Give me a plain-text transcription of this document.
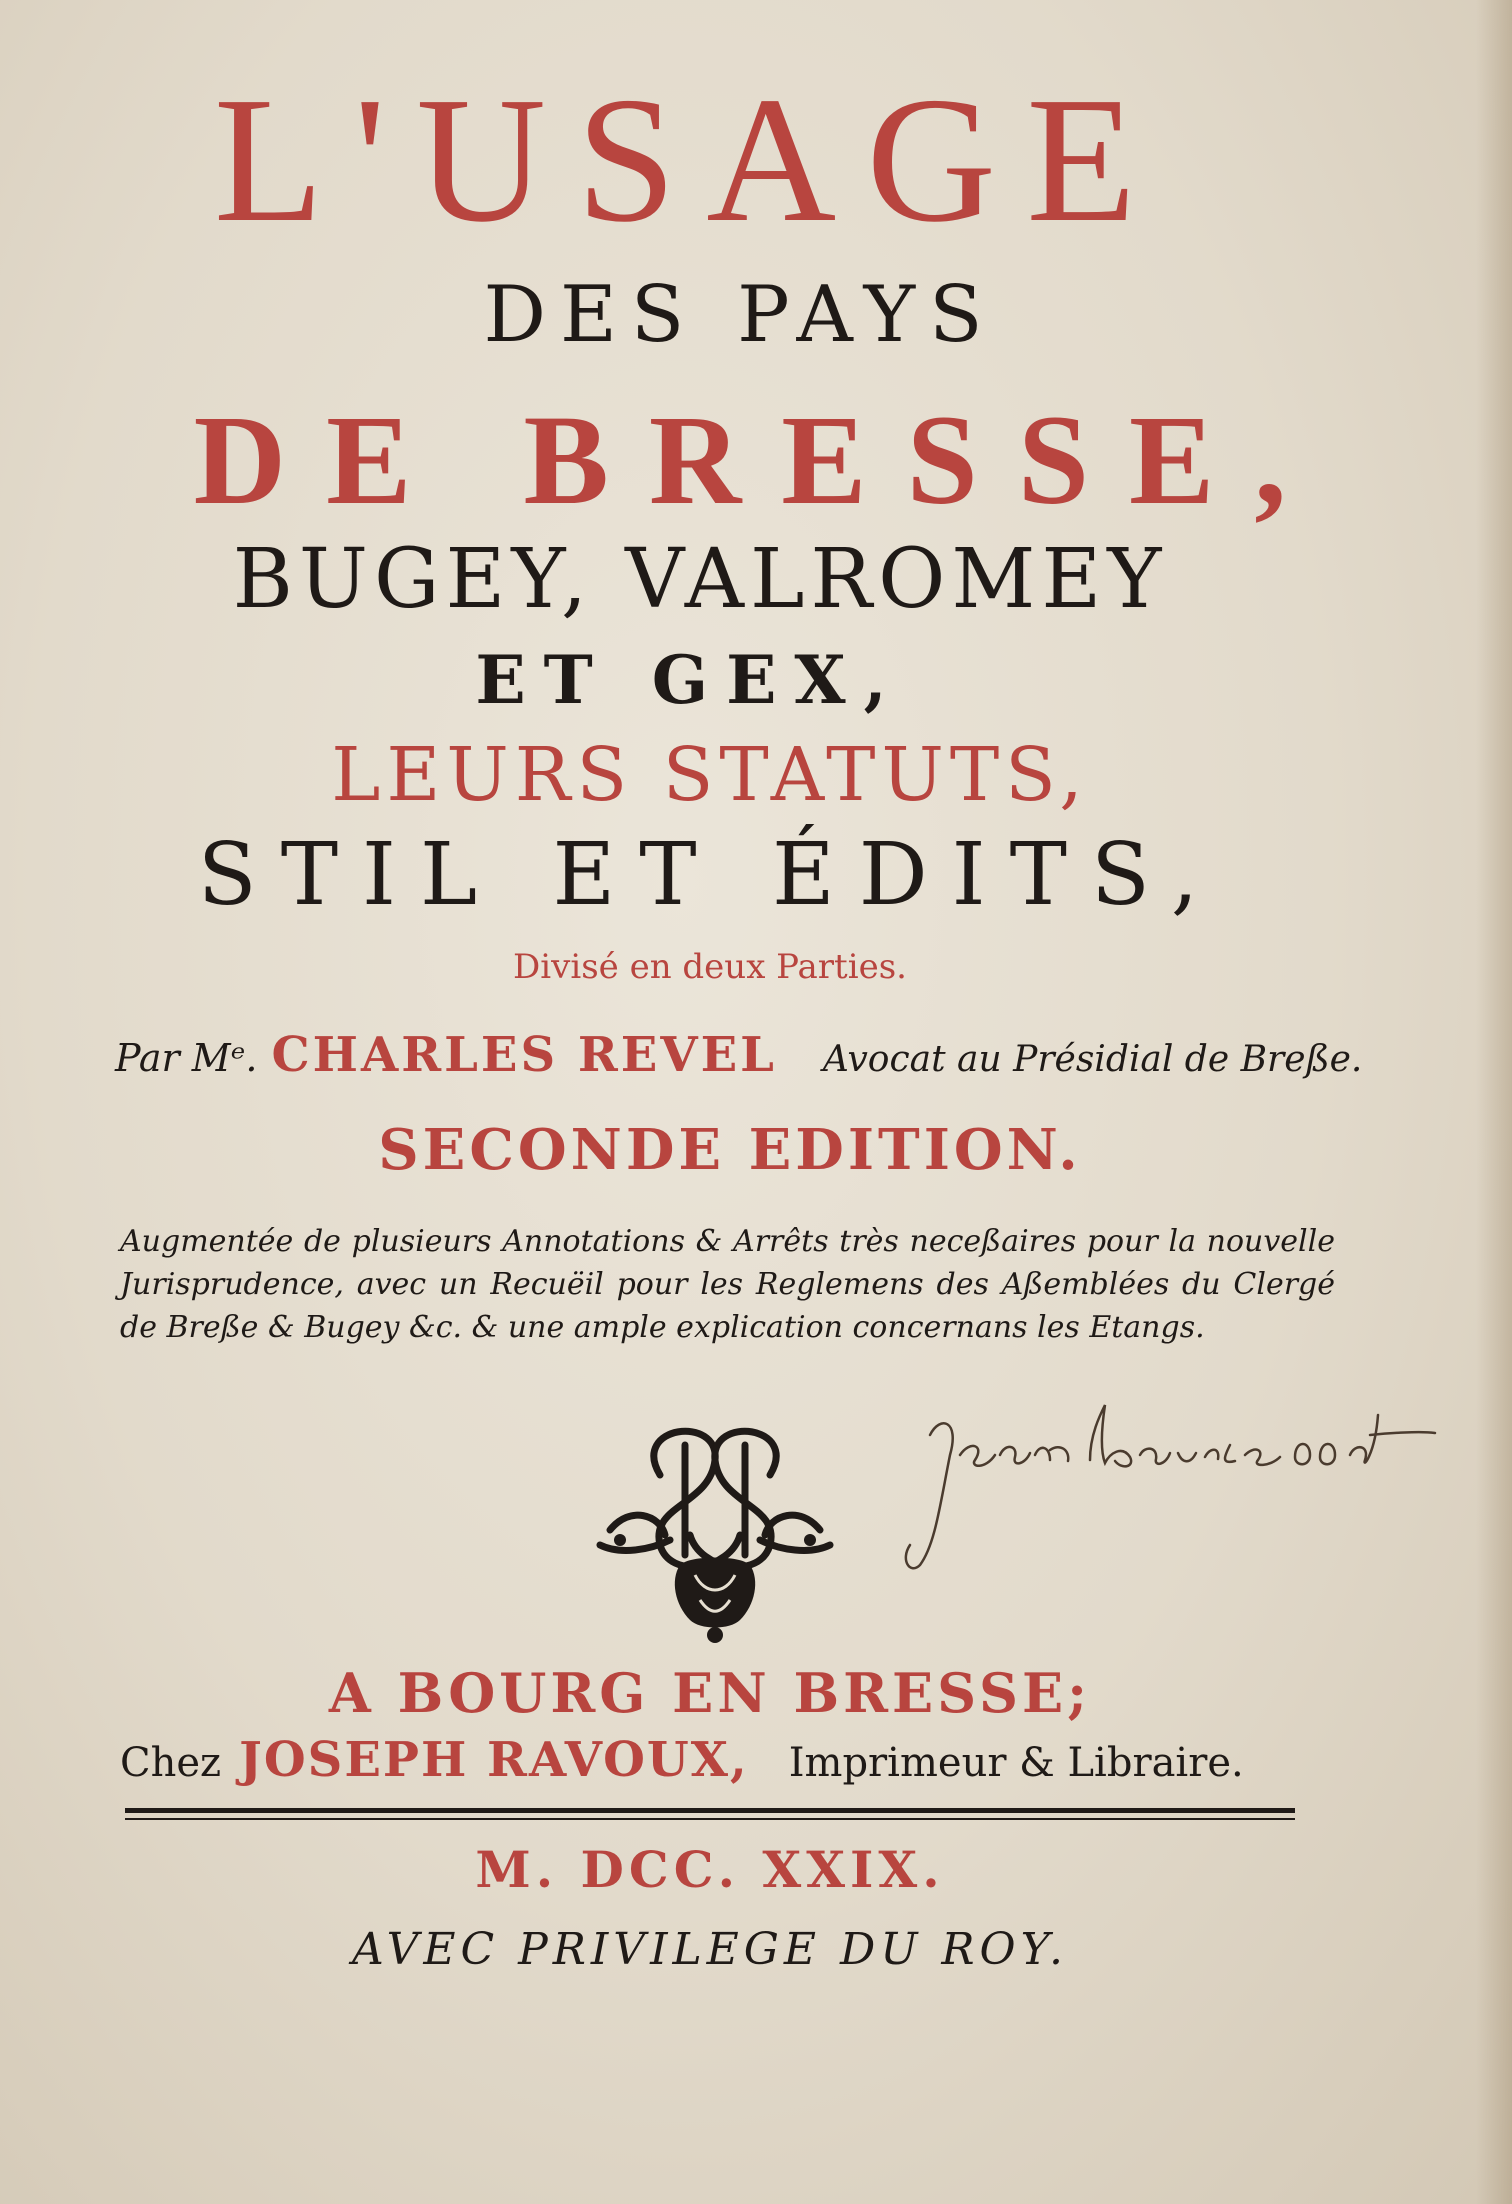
L'USAGE
DES PAYS
DE BRESSE,
BUGEY, VALROMEY
ET GEX,
LEURS STATUTS,
STIL ET ÉDITS,
Divisé en deux Parties.
Par Mᵉ. CHARLES REVEL Avocat au Présidial de Breße.
SECONDE EDITION.
Augmentée de plusieurs Annotations & Arrêts très neceßaires pour la nouvelle Jurisprudence, avec un Recuëil pour les Reglemens des Aßemblées du Clergé de Breße & Bugey &c. & une ample explication concernans les Etangs.
A BOURG EN BRESSE;
Chez JOSEPH RAVOUX, Imprimeur & Libraire.
M. DCC. XXIX.
AVEC PRIVILEGE DU ROY.
